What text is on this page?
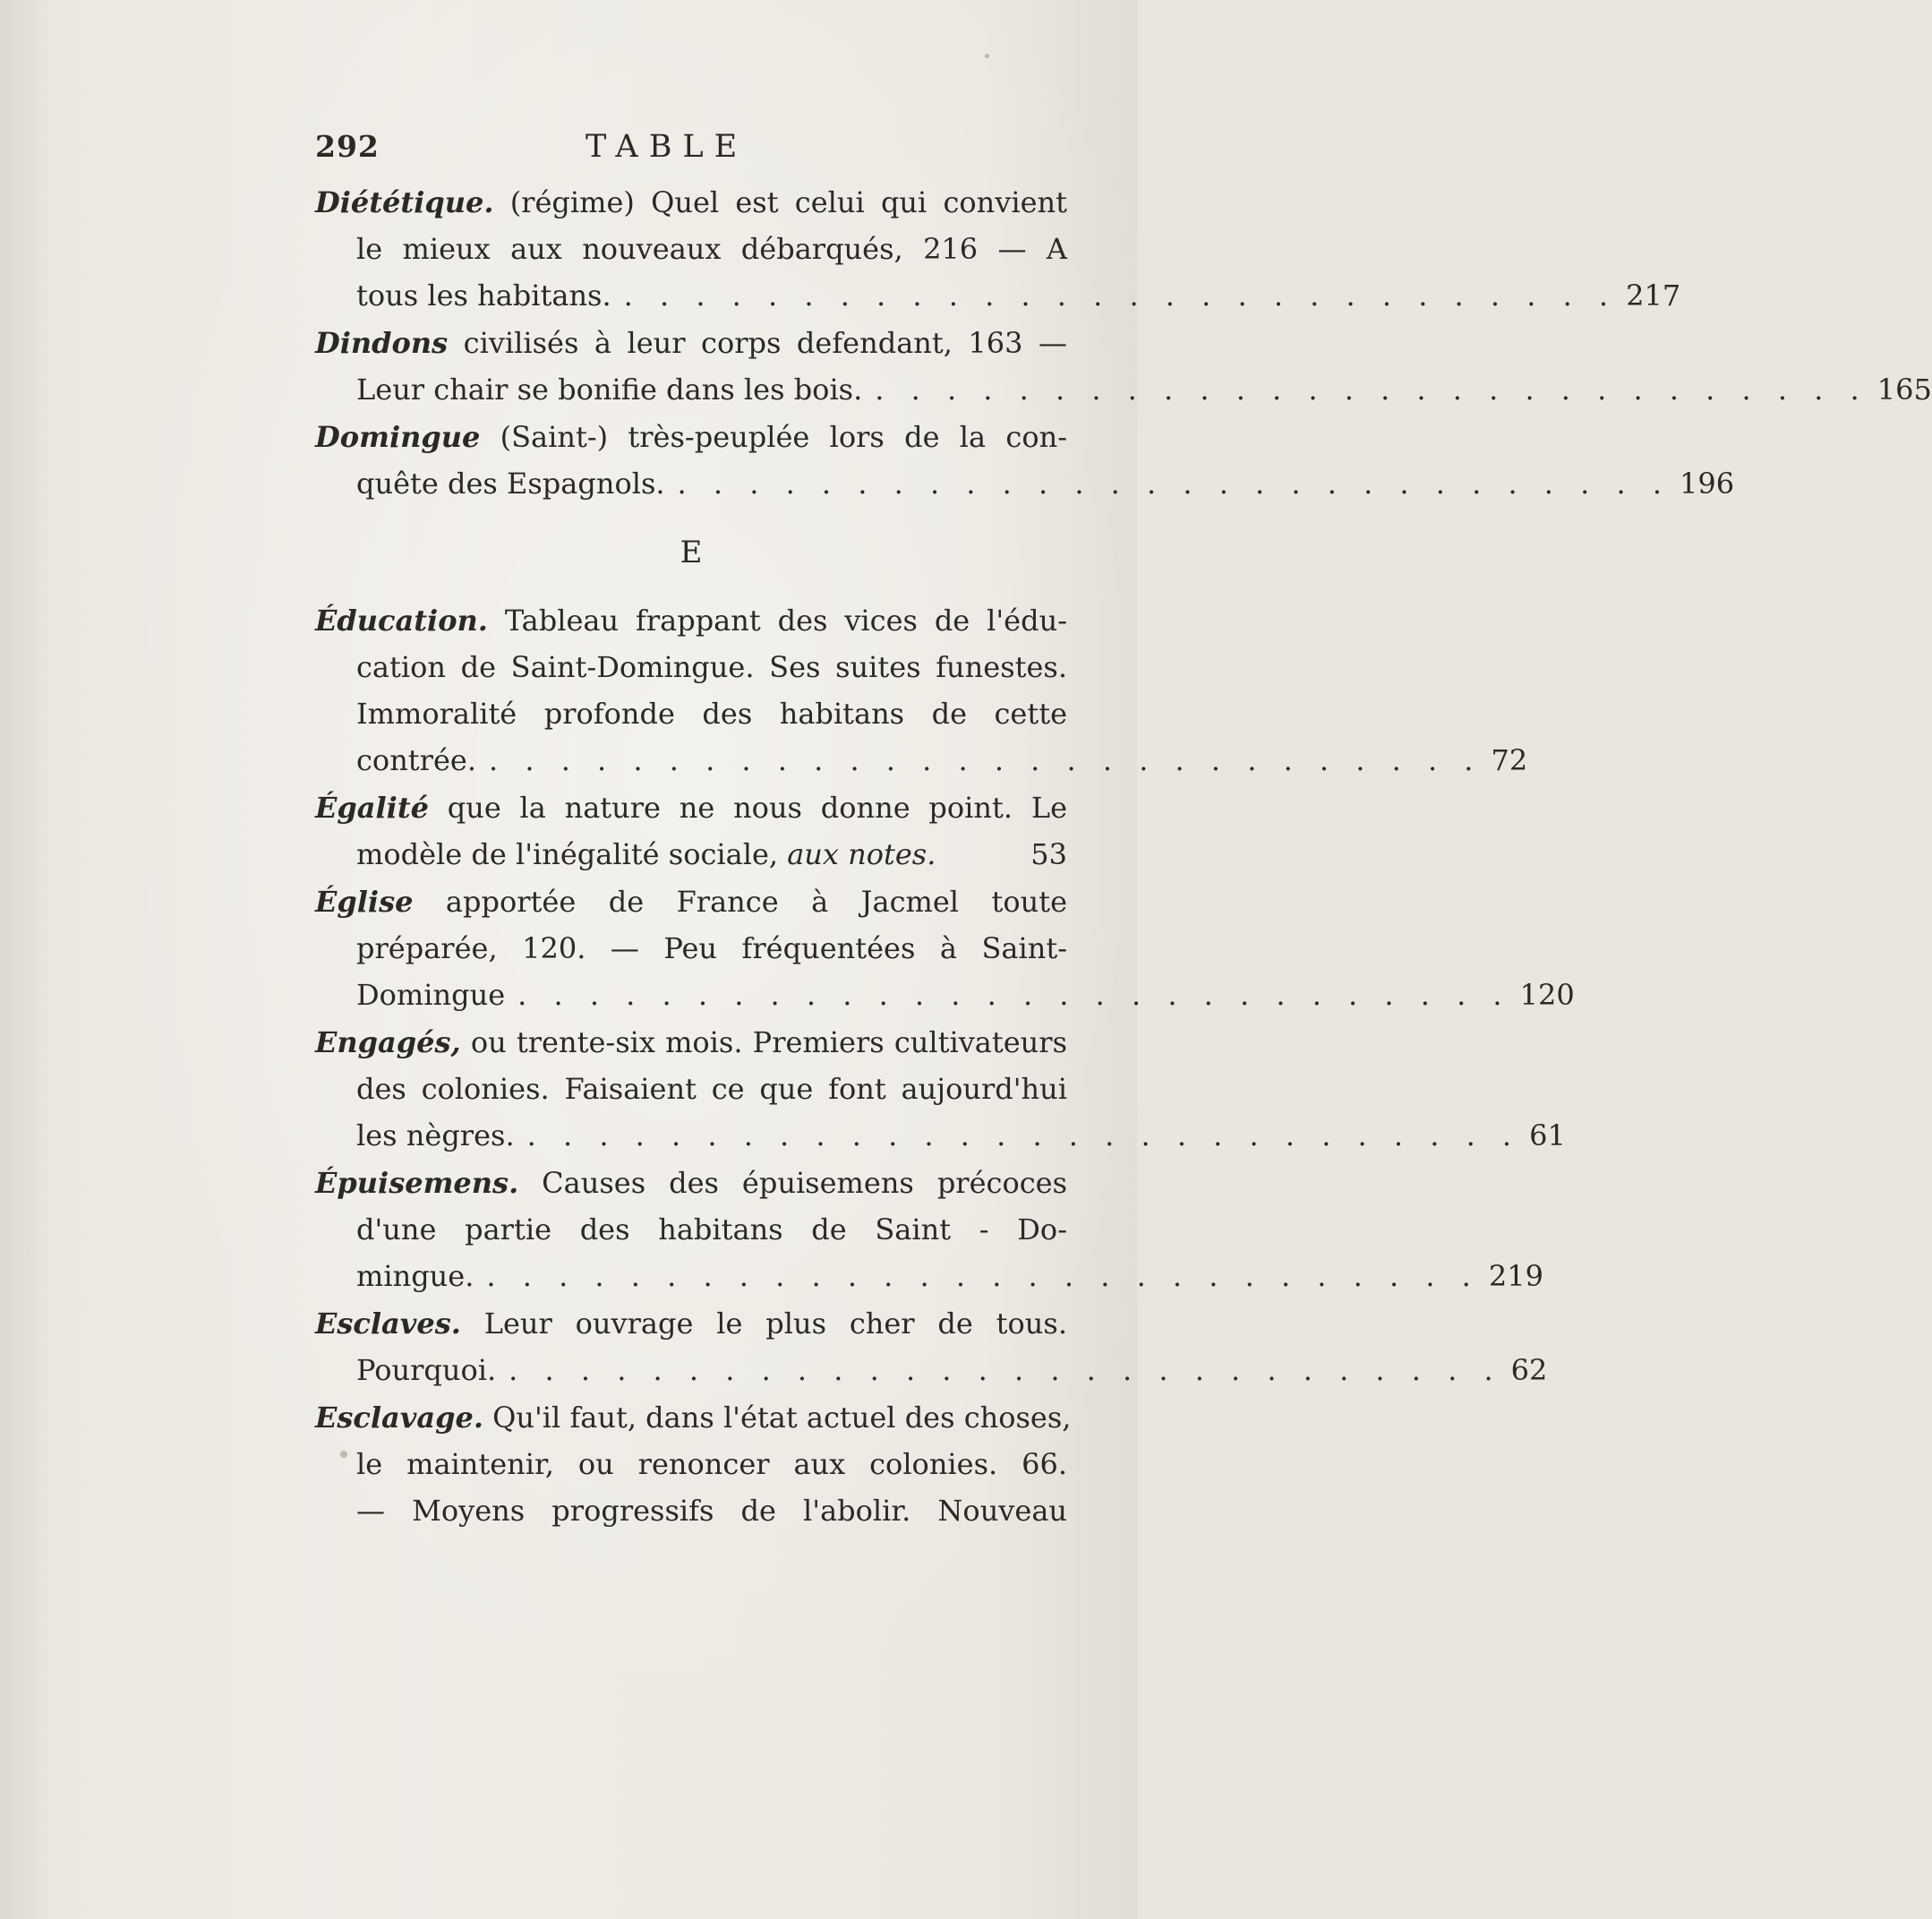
292	TABLE
Diététique. (régime) Quel est celui qui convient
le mieux aux nouveaux débarqués, 216 — A
tous les habitans. . . . . . . . . . . . . . . . . . . . . . . . . . . . . 217
Dindons civilisés à leur corps defendant, 163 —
Leur chair se bonifie dans les bois. . . . . . . . . . . . . . . . . . . . . . . . . . . . . 165
Domingue (Saint-) très-peuplée lors de la con-
quête des Espagnols. . . . . . . . . . . . . . . . . . . . . . . . . . . . . 196
E
Éducation. Tableau frappant des vices de l'édu-
cation de Saint-Domingue. Ses suites funestes.
Immoralité profonde des habitans de cette
contrée. . . . . . . . . . . . . . . . . . . . . . . . . . . . . 72
Égalité que la nature ne nous donne point. Le
modèle de l'inégalité sociale, aux notes.	53
Église apportée de France à Jacmel toute
préparée, 120. — Peu fréquentées à Saint-
Domingue . . . . . . . . . . . . . . . . . . . . . . . . . . . . 120
Engagés, ou trente-six mois. Premiers cultivateurs
des colonies. Faisaient ce que font aujourd'hui
les nègres. . . . . . . . . . . . . . . . . . . . . . . . . . . . . 61
Épuisemens. Causes des épuisemens précoces
d'une partie des habitans de Saint - Do-
mingue. . . . . . . . . . . . . . . . . . . . . . . . . . . . . 219
Esclaves. Leur ouvrage le plus cher de tous.
Pourquoi. . . . . . . . . . . . . . . . . . . . . . . . . . . . . 62
Esclavage. Qu'il faut, dans l'état actuel des choses,
le maintenir, ou renoncer aux colonies. 66.
— Moyens progressifs de l'abolir. Nouveau
